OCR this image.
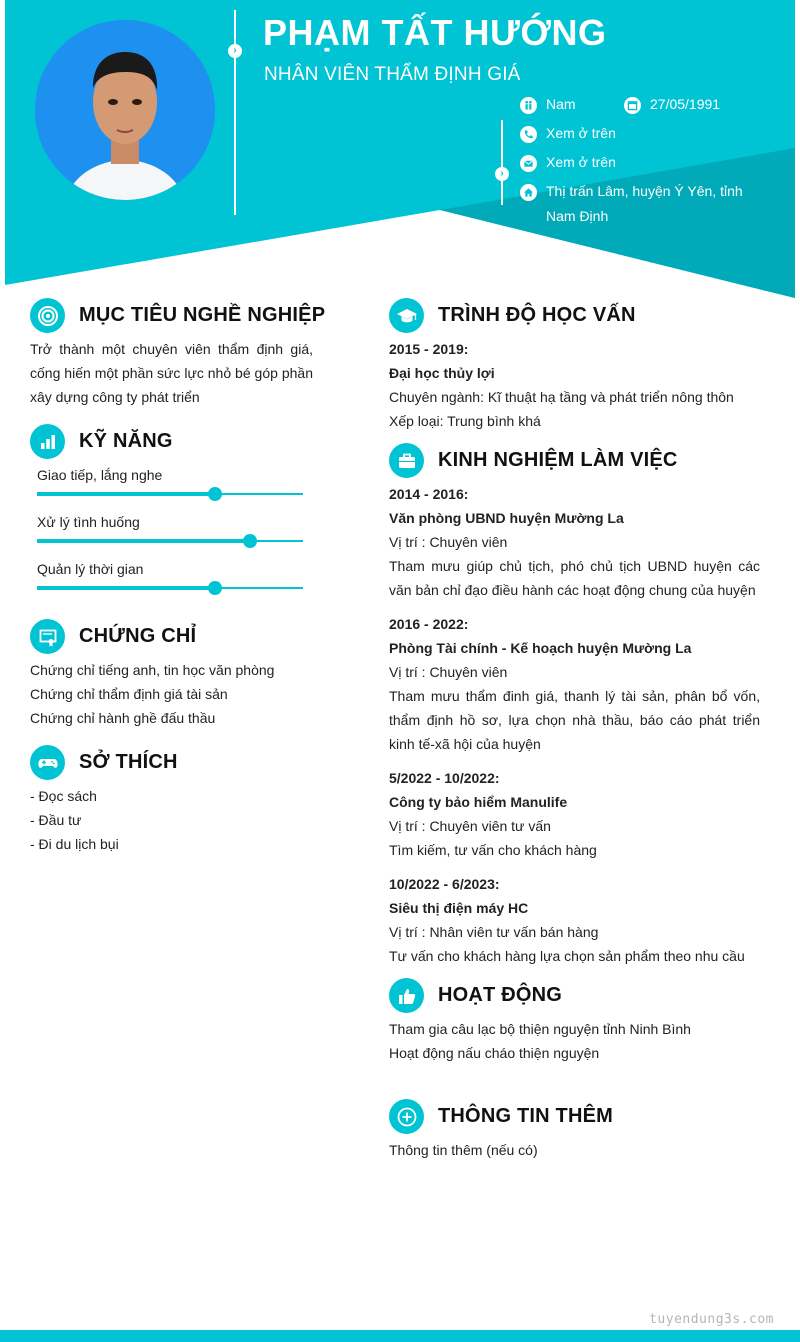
› PHẠM TẤT HƯỚNG
NHÂN VIÊN THẨM ĐỊNH GIÁ
›
Nam	27/05/1991
Xem ở trên
Xem ở trên
Thị trấn Lâm, huyện Ý Yên, tỉnh Nam Định
MỤC TIÊU NGHỀ NGHIỆP
Trở thành một chuyên viên thẩm định giá, cống hiến một phần sức lực nhỏ bé góp phần xây dựng công ty phát triển
KỸ NĂNG
Giao tiếp, lắng nghe
Xử lý tình huống
Quản lý thời gian
CHỨNG CHỈ
Chứng chỉ tiếng anh, tin học văn phòng
Chứng chỉ thẩm định giá tài sản
Chứng chỉ hành ghề đấu thầu
SỞ THÍCH
- Đọc sách
- Đầu tư
- Đi du lịch bụi
TRÌNH ĐỘ HỌC VẤN
2015 - 2019:
Đại học thủy lợi
Chuyên ngành: Kĩ thuật hạ tầng và phát triển nông thôn
Xếp loại: Trung bình khá
KINH NGHIỆM LÀM VIỆC
2014 - 2016:
Văn phòng UBND huyện Mường La
Vị trí : Chuyên viên
Tham mưu giúp chủ tịch, phó chủ tịch UBND huyện các văn bản chỉ đạo điều hành các hoạt động chung của huyện
2016 - 2022:
Phòng Tài chính - Kế hoạch huyện Mường La
Vị trí : Chuyên viên
Tham mưu thẩm đinh giá, thanh lý tài sản, phân bổ vốn, thẩm định hồ sơ, lựa chọn nhà thầu, báo cáo phát triển kinh tế-xã hội của huyện
5/2022 - 10/2022:
Công ty bảo hiểm Manulife
Vị trí : Chuyên viên tư vấn
Tìm kiếm, tư vấn cho khách hàng
10/2022 - 6/2023:
Siêu thị điện máy HC
Vị trí : Nhân viên tư vấn bán hàng
Tư vấn cho khách hàng lựa chọn sản phẩm theo nhu cầu
HOẠT ĐỘNG
Tham gia câu lạc bộ thiện nguyện tỉnh Ninh Bình
Hoạt động nấu cháo thiện nguyện
THÔNG TIN THÊM
Thông tin thêm (nếu có)
tuyendung3s.com
